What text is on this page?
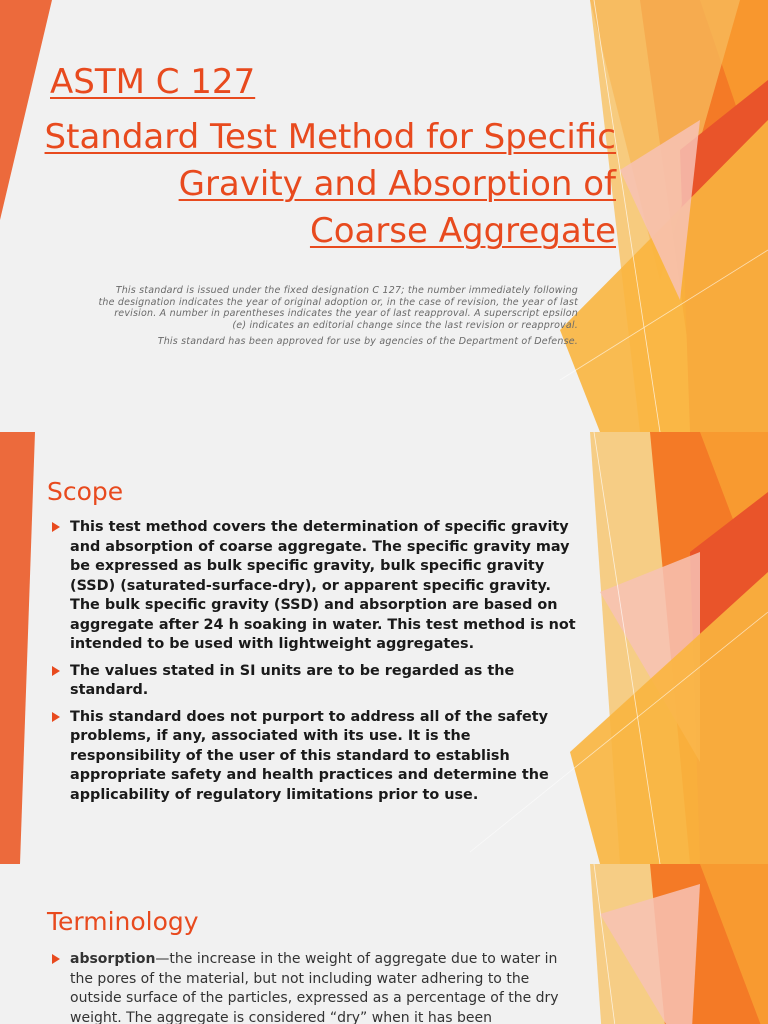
ASTM C 127
Standard Test Method for Specific
Gravity and Absorption of
Coarse Aggregate

This standard is issued under the fixed designation C 127; the number immediately following the designation indicates the year of original adoption or, in the case of revision, the year of last revision. A number in parentheses indicates the year of last reapproval. A superscript epsilon (e) indicates an editorial change since the last revision or reapproval.

This standard has been approved for use by agencies of the Department of Defense.

Scope
This test method covers the determination of specific gravity and absorption of coarse aggregate. The specific gravity may be expressed as bulk specific gravity, bulk specific gravity (SSD) (saturated-surface-dry), or apparent specific gravity. The bulk specific gravity (SSD) and absorption are based on aggregate after 24 h soaking in water. This test method is not intended to be used with lightweight aggregates.
The values stated in SI units are to be regarded as the standard.
This standard does not purport to address all of the safety problems, if any, associated with its use. It is the responsibility of the user of this standard to establish appropriate safety and health practices and determine the applicability of regulatory limitations prior to use.
Terminology
absorption—the increase in the weight of aggregate due to water in the pores of the material, but not including water adhering to the outside surface of the particles, expressed as a percentage of the dry weight. The aggregate is considered “dry” when it has been
